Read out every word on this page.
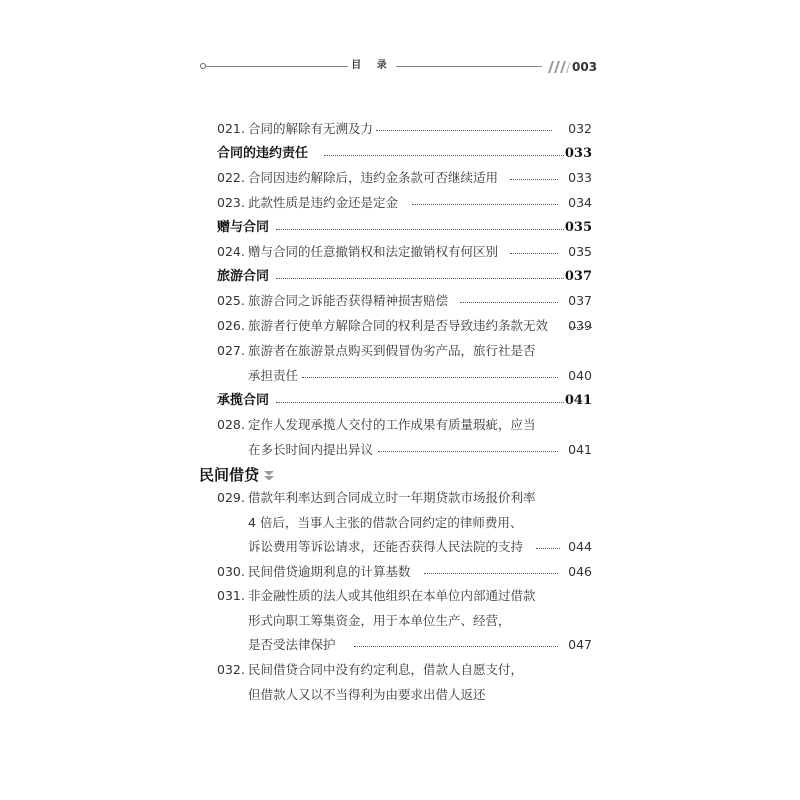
目 录	003
021. 合同的解除有无溯及力	032
合同的违约责任	033
022. 合同因违约解除后，违约金条款可否继续适用	033
023. 此款性质是违约金还是定金	034
赠与合同	035
024. 赠与合同的任意撤销权和法定撤销权有何区别	035
旅游合同	037
025. 旅游合同之诉能否获得精神损害赔偿	037
026. 旅游者行使单方解除合同的权利是否导致违约条款无效 039
027. 旅游者在旅游景点购买到假冒伪劣产品，旅行社是否
承担责任	040
承揽合同	041
028. 定作人发现承揽人交付的工作成果有质量瑕疵，应当
在多长时间内提出异议	041
民间借贷
029. 借款年利率达到合同成立时一年期贷款市场报价利率
4 倍后，当事人主张的借款合同约定的律师费用、
诉讼费用等诉讼请求，还能否获得人民法院的支持	044
030. 民间借贷逾期利息的计算基数	046
031. 非金融性质的法人或其他组织在本单位内部通过借款
形式向职工筹集资金，用于本单位生产、经营，
是否受法律保护	047
032. 民间借贷合同中没有约定利息，借款人自愿支付，
但借款人又以不当得利为由要求出借人返还
